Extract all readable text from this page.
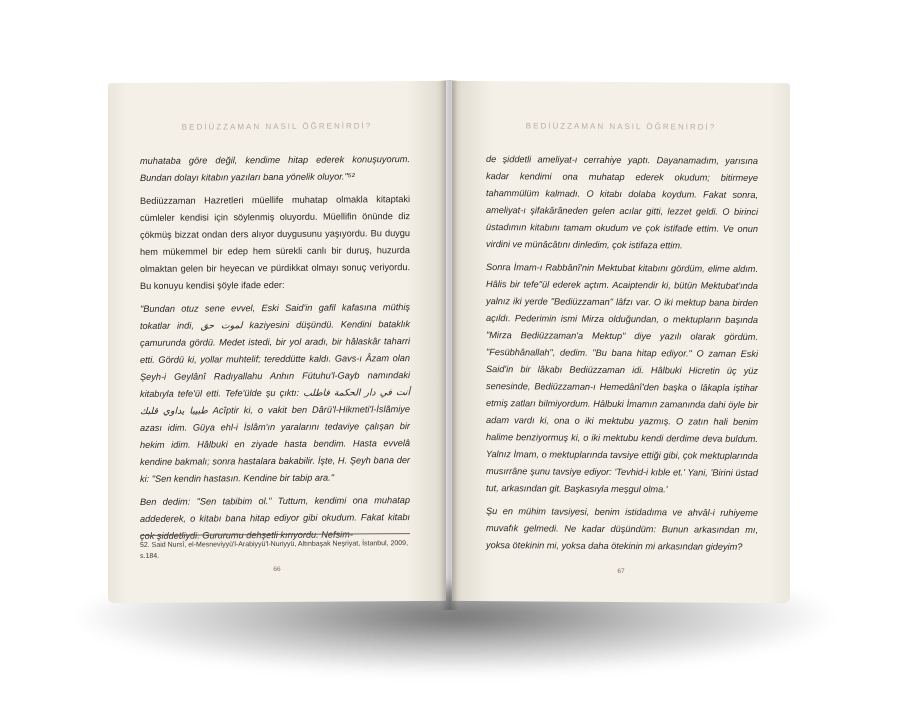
BEDİÜZZAMAN NASIL ÖĞRENİRDİ?

muhataba göre değil, kendime hitap ederek konuşuyorum. Bundan dolayı kitabın yazıları bana yönelik oluyor."⁵²

Bediüzzaman Hazretleri müellife muhatap olmakla kitaptaki cümleler kendisi için söylenmiş oluyordu. Müellifin önünde diz çökmüş bizzat ondan ders alıyor duygusunu yaşıyordu. Bu duygu hem mükemmel bir edep hem sürekli canlı bir duruş, huzurda olmaktan gelen bir heyecan ve pürdikkat olmayı sonuç veriyordu. Bu konuyu kendisi şöyle ifade eder:

"Bundan otuz sene evvel, Eski Said'in gafil kafasına müthiş tokatlar indi, لموت حق kaziyesini düşündü. Kendini bataklık çamurunda gördü. Medet istedi, bir yol aradı, bir hâlaskâr taharri etti. Gördü ki, yollar muhtelif; tereddütte kaldı. Gavs-ı Âzam olan Şeyh-i Geylânî Radıyallahu Anhın Fütuhu'l-Gayb namındaki kitabıyla tefe'ül etti. Tefe'ülde şu çıktı: أنت في دار الحكمة فاطلب طبيبا يداوي قلبك Acîptir ki, o vakit ben Dârü'l-Hikmeti'l-İslâmiye azası idim. Güya ehl-i İslâm'ın yaralarını tedaviye çalışan bir hekim idim. Hâlbuki en ziyade hasta bendim. Hasta evvelâ kendine bakmalı; sonra hastalara bakabilir. İşte, H. Şeyh bana der ki: "Sen kendin hastasın. Kendine bir tabip ara."

Ben dedim: "Sen tabibim ol." Tuttum, kendimi ona muhatap addederek, o kitabı bana hitap ediyor gibi okudum. Fakat kitabı çok şiddetliydi. Gururumu dehşetli kırıyordu. Nefsim-

52. Said Nursî, el-Mesneviyyü'l-Arabiyyü'l-Nuriyyü, Altınbaşak Neşriyat, İstanbul, 2009, s.184.
66
BEDİÜZZAMAN NASIL ÖĞRENİRDİ?

de şiddetli ameliyat-ı cerrahiye yaptı. Dayanamadım, yarısına kadar kendimi ona muhatap ederek okudum; bitirmeye tahammülüm kalmadı. O kitabı dolaba koydum. Fakat sonra, ameliyat-ı şifakârâneden gelen acılar gitti, lezzet geldi. O birinci üstadımın kitabını tamam okudum ve çok istifade ettim. Ve onun virdini ve münâcâtını dinledim, çok istifaza ettim.

Sonra İmam-ı Rabbânî'nin Mektubat kitabını gördüm, elime aldım. Hâlis bir tefe"ül ederek açtım. Acaiptendir ki, bütün Mektubat'ında yalnız iki yerde "Bediüzzaman" lâfzı var. O iki mektup bana birden açıldı. Pederimin ismi Mirza olduğundan, o mektupların başında "Mirza Bediüzzaman'a Mektup" diye yazılı olarak gördüm. "Fesübhânallah", dedim. "Bu bana hitap ediyor." O zaman Eski Said'in bir lâkabı Bediüzzaman idi. Hâlbuki Hicretin üç yüz senesinde, Bediüzzaman-ı Hemedânî'den başka o lâkapla iştihar etmiş zatları bilmiyordum. Hâlbuki İmamın zamanında dahi öyle bir adam vardı ki, ona o iki mektubu yazmış. O zatın hali benim halime benziyormuş ki, o iki mektubu kendi derdime deva buldum. Yalnız İmam, o mektuplarında tavsiye ettiği gibi, çok mektuplarında musırrâne şunu tavsiye ediyor: 'Tevhid-i kıble et.' Yani, 'Birini üstad tut, arkasından git. Başkasıyla meşgul olma.'

Şu en mühim tavsiyesi, benim istidadıma ve ahvâl-i ruhiyeme muvafık gelmedi. Ne kadar düşündüm: Bunun arkasından mı, yoksa ötekinin mi, yoksa daha ötekinin mi arkasından gideyim?

67
